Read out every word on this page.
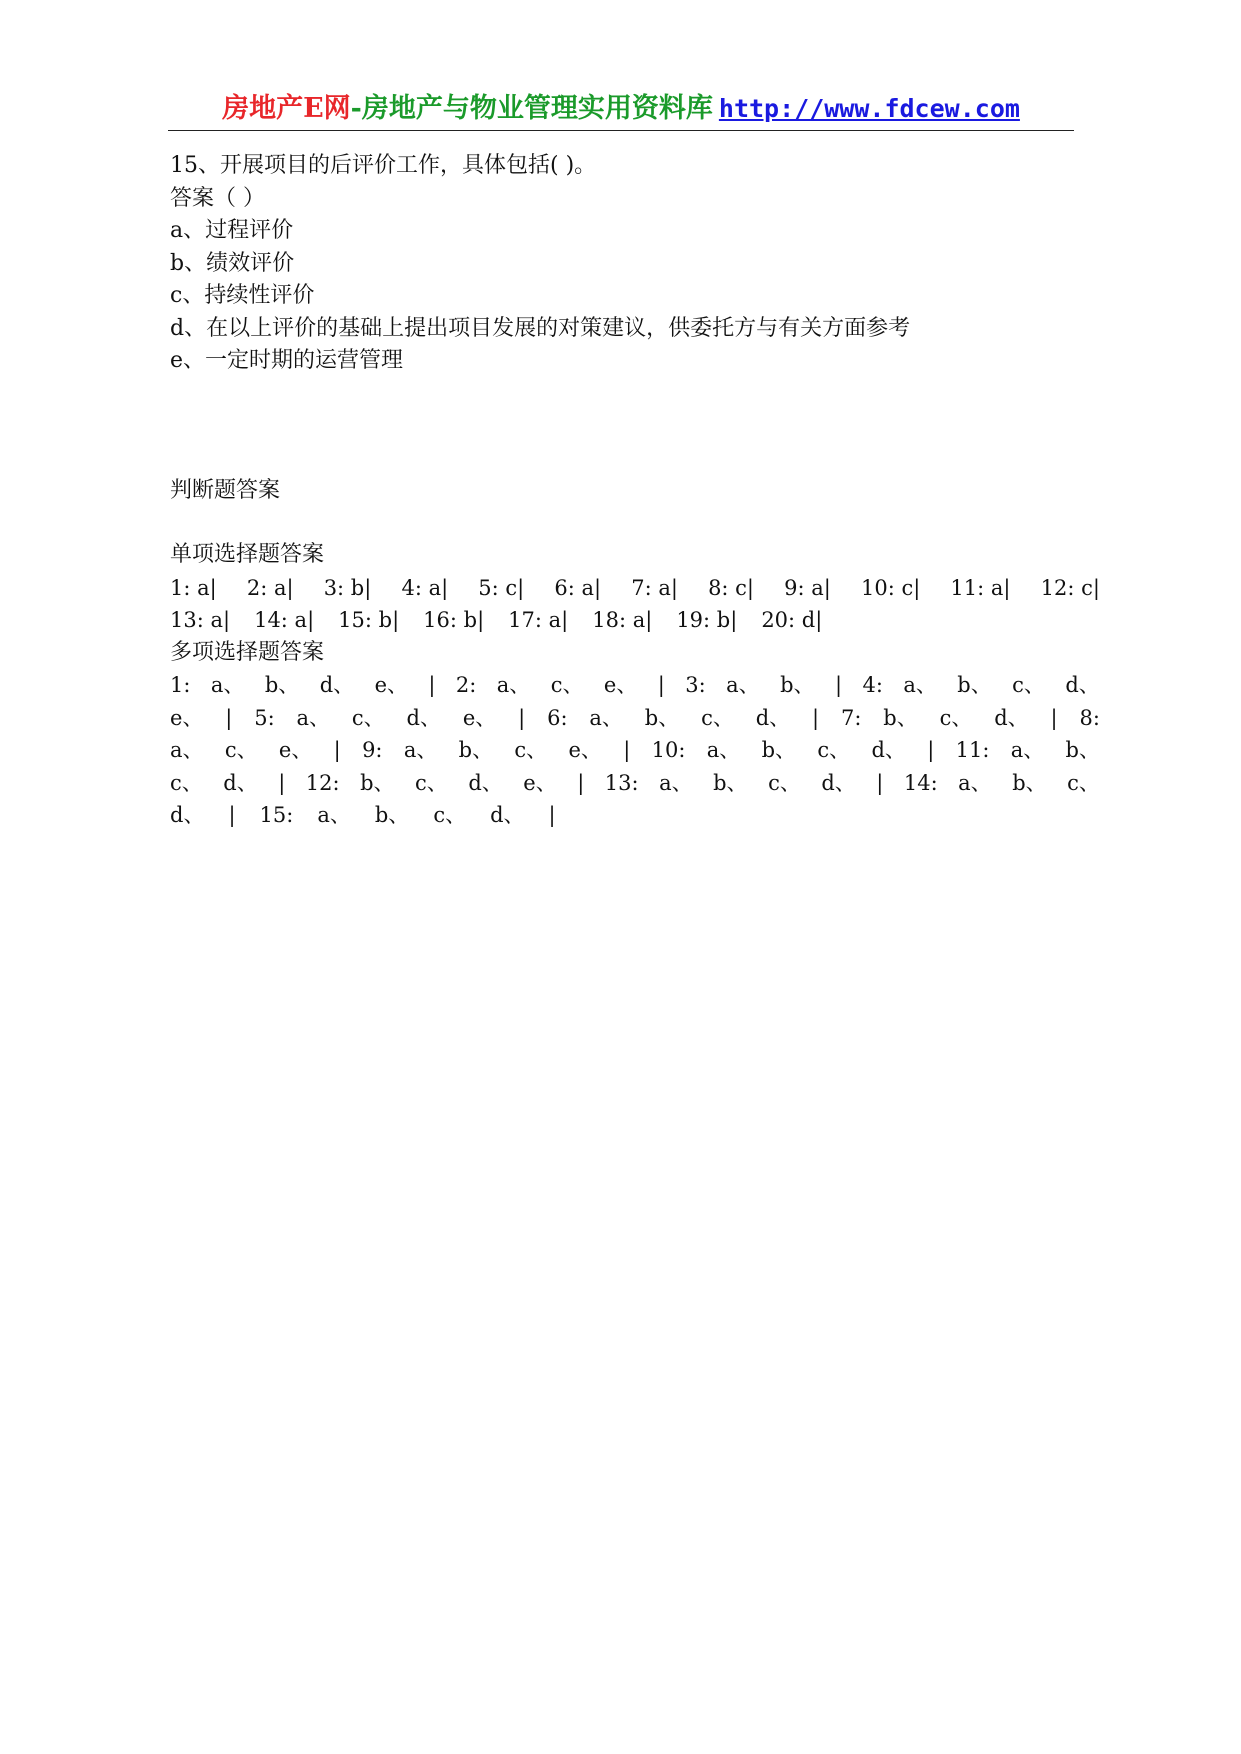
房地产E网-房地产与物业管理实用资料库 http://www.fdcew.com
15、开展项目的后评价工作，具体包括( )。
答案（ ）
a、过程评价
b、绩效评价
c、持续性评价
d、在以上评价的基础上提出项目发展的对策建议，供委托方与有关方面参考
e、一定时期的运营管理
判断题答案
单项选择题答案
1: a| 2: a| 3: b| 4: a| 5: c| 6: a| 7: a| 8: c| 9: a| 10: c| 11: a| 12: c|
13: a| 14: a| 15: b| 16: b| 17: a| 18: a| 19: b| 20: d|
多项选择题答案
1: a、 b、 d、 e、 | 2: a、 c、 e、 | 3: a、 b、 | 4: a、 b、 c、 d、
e、 | 5: a、 c、 d、 e、 | 6: a、 b、 c、 d、 | 7: b、 c、 d、 | 8:
a、 c、 e、 | 9: a、 b、 c、 e、 | 10: a、 b、 c、 d、 | 11: a、 b、
c、 d、 | 12: b、 c、 d、 e、 | 13: a、 b、 c、 d、 | 14: a、 b、 c、
d、 | 15: a、 b、 c、 d、 |
